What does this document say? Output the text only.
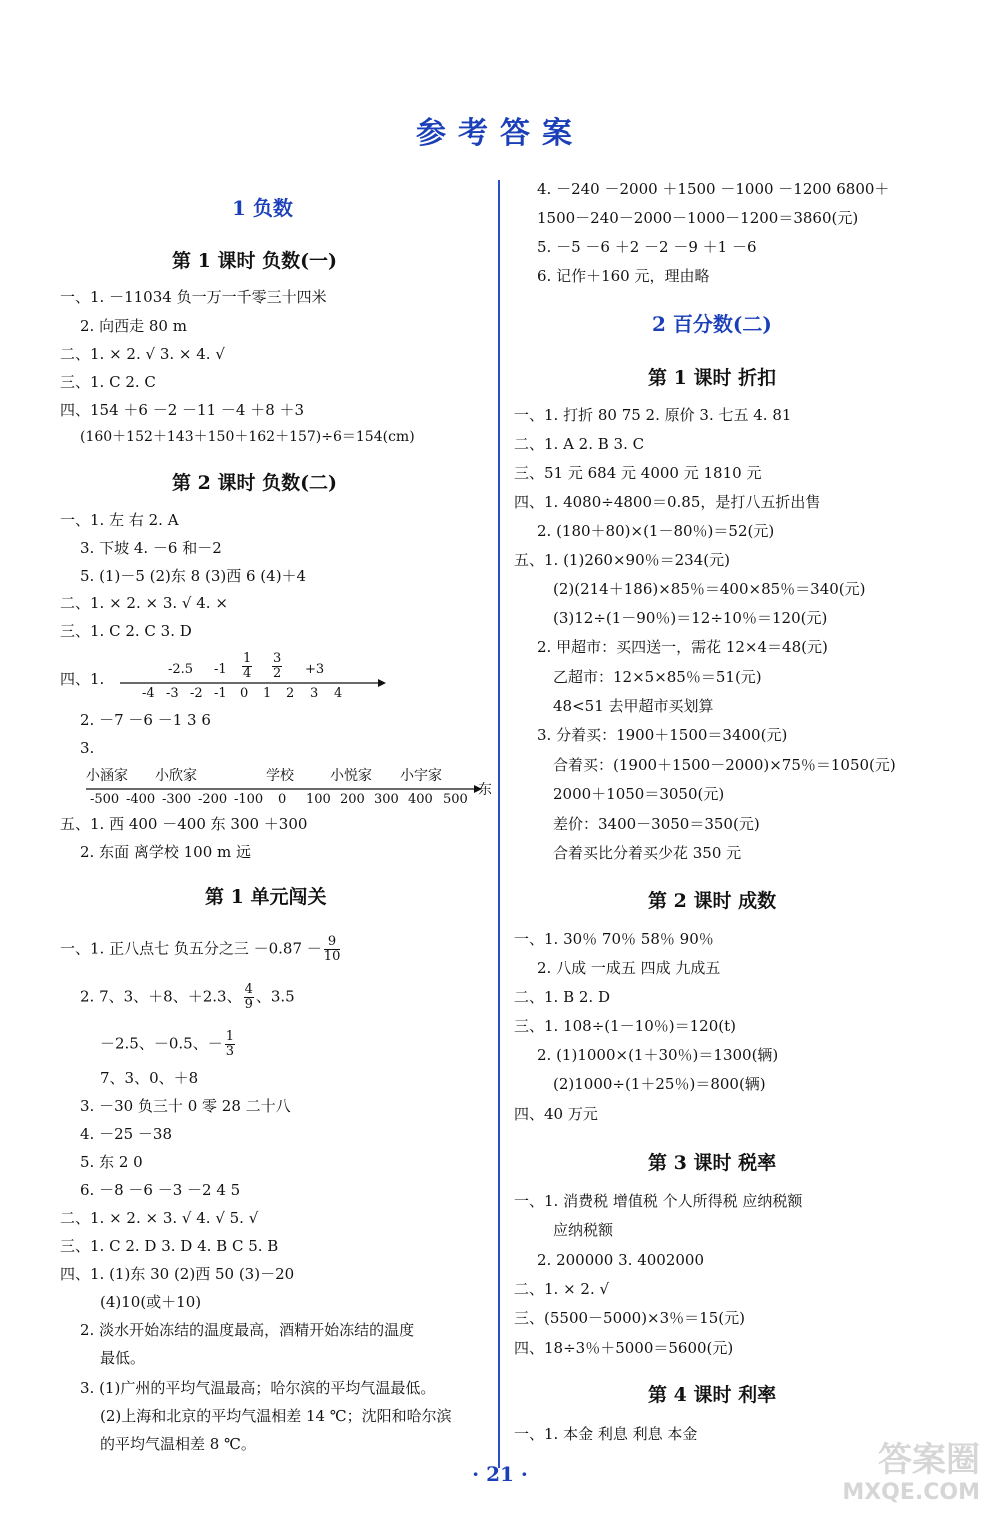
参考答案
1 负数
第 1 课时 负数(一)
一、1. －11034 负一万一千零三十四米
2. 向西走 80 m
二、1. × 2. √ 3. × 4. √
三、1. C 2. C
四、154 ＋6 －2 －11 －4 ＋8 ＋3
(160＋152＋143＋150＋162＋157)÷6＝154(cm)
第 2 课时 负数(二)
一、1. 左 右 2. A
3. 下坡 4. －6 和－2
5. (1)－5 (2)东 8 (3)西 6 (4)＋4
二、1. × 2. × 3. √ 4. ×
三、1. C 2. C 3. D
四、1.
-2.5 $-1 \frac{1}{4} \frac{3}{2} +3$
-4 -3 -2 -1 0 1 2 3 4
2. －7 －6 －1 3 6
3.
小涵家 小欣家	学校	小悦家 小宇家
-500 -400 -300 -200 -100 0 100 200 300 400 500
东
五、1. 西 400 －400 东 300 ＋300
2. 东面 离学校 100 m 远
第 1 单元闯关
一、1. 正八点七 负五分之三 $-0.87 - \frac{9}{10}$
2. 7、3、＋8、＋2.3、 $\frac{4}{9}$ 、3.5
－2.5、－0.5、－ $\frac{1}{3}$
7、3、0、＋8
3. －30 负三十 0 零 28 二十八
4. －25 －38
5. 东 2 0
6. －8 －6 －3 －2 4 5
二、1. × 2. × 3. √ 4. √ 5. √
三、1. C 2. D 3. D 4. B C 5. B
四、1. (1)东 30 (2)西 50 (3)－20
(4)10(或＋10)
2. 淡水开始冻结的温度最高，酒精开始冻结的温度
最低。
3. (1)广州的平均气温最高；哈尔滨的平均气温最低。
(2)上海和北京的平均气温相差 14 ℃；沈阳和哈尔滨
的平均气温相差 8 ℃。
4. －240 －2000 ＋1500 －1000 －1200 6800＋
1500－240－2000－1000－1200＝3860(元)
5. －5 －6 ＋2 －2 －9 ＋1 －6
6. 记作＋160 元，理由略
2 百分数(二)
第 1 课时 折扣
一、1. 打折 80 75 2. 原价 3. 七五 4. 81
二、1. A 2. B 3. C
三、51 元 684 元 4000 元 1810 元
四、1. 4080÷4800＝0.85，是打八五折出售
2. (180＋80)×(1－80％)＝52(元)
五、1. (1)260×90％＝234(元)
(2)(214＋186)×85％＝400×85％＝340(元)
(3)12÷(1－90％)＝12÷10％＝120(元)
2. 甲超市：买四送一，需花 12×4＝48(元)
乙超市：12×5×85％＝51(元)
48<51 去甲超市买划算
3. 分着买：1900＋1500＝3400(元)
合着买：(1900＋1500－2000)×75％＝1050(元)
2000＋1050＝3050(元)
差价：3400－3050＝350(元)
合着买比分着买少花 350 元
第 2 课时 成数
一、1. 30％ 70％ 58％ 90％
2. 八成 一成五 四成 九成五
二、1. B 2. D
三、1. 108÷(1－10％)＝120(t)
2. (1)1000×(1＋30％)＝1300(辆)
(2)1000÷(1＋25％)＝800(辆)
四、40 万元
第 3 课时 税率
一、1. 消费税 增值税 个人所得税 应纳税额
应纳税额
2. 200000 3. 4002000
二、1. × 2. √
三、(5500－5000)×3％＝15(元)
四、18÷3％＋5000＝5600(元)
第 4 课时 利率
一、1. 本金 利息 利息 本金
· 21 ·	答案圈
MXQE.COM
